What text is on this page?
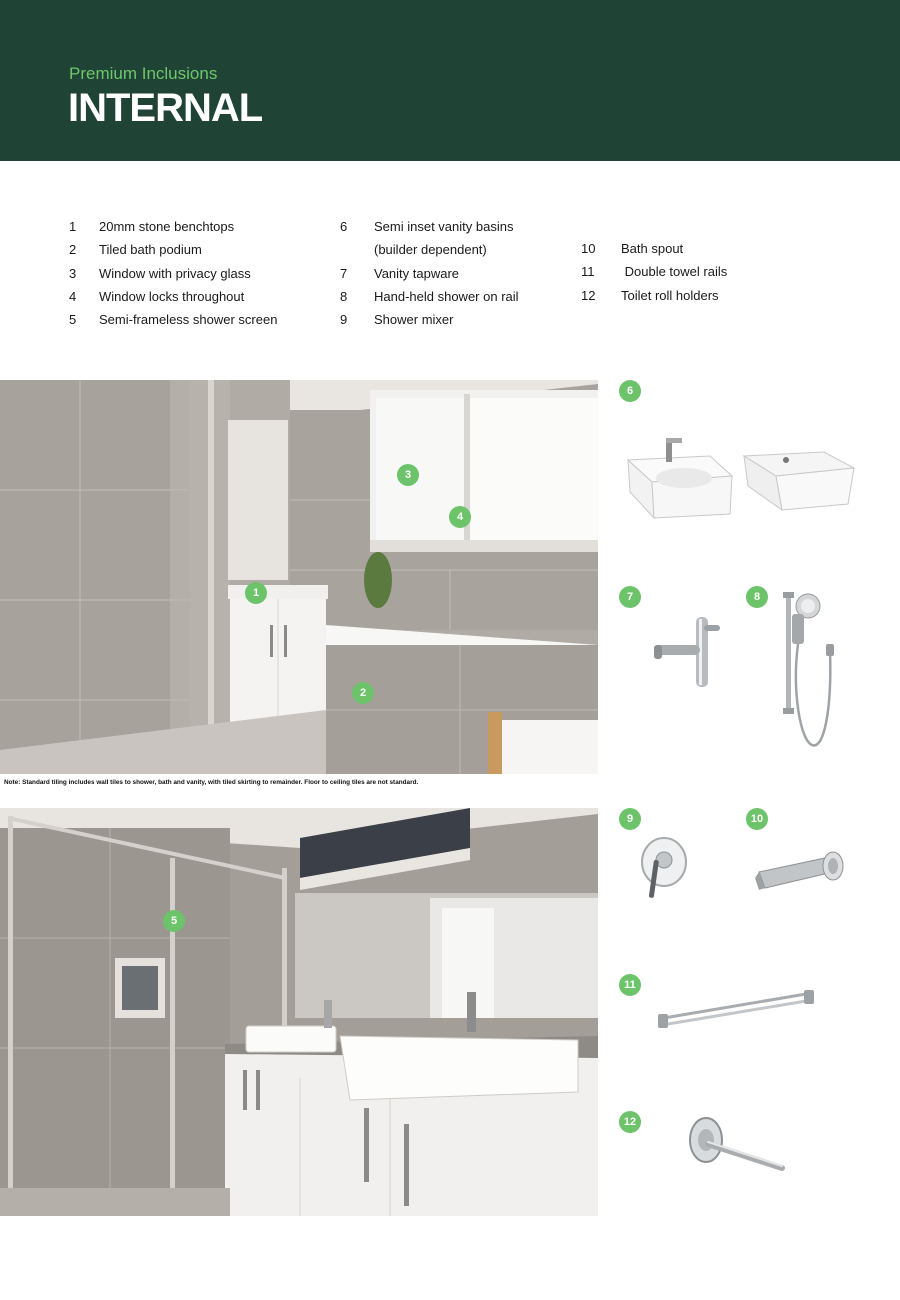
Premium Inclusions
INTERNAL
1	20mm stone benchtops
2	Tiled bath podium
3	Window with privacy glass
4	Window locks throughout
5	Semi-frameless shower screen
6	Semi inset vanity basins
(builder dependent)
7	Vanity tapware
8	Hand-held shower on rail
9	Shower mixer
10	Bath spout
11	Double towel rails
12	Toilet roll holders
1
2
3
4
Note: Standard tiling includes wall tiles to shower, bath and vanity, with tiled skirting to remainder. Floor to ceiling tiles are not standard.
5
6
7	8
9	10
11
12
